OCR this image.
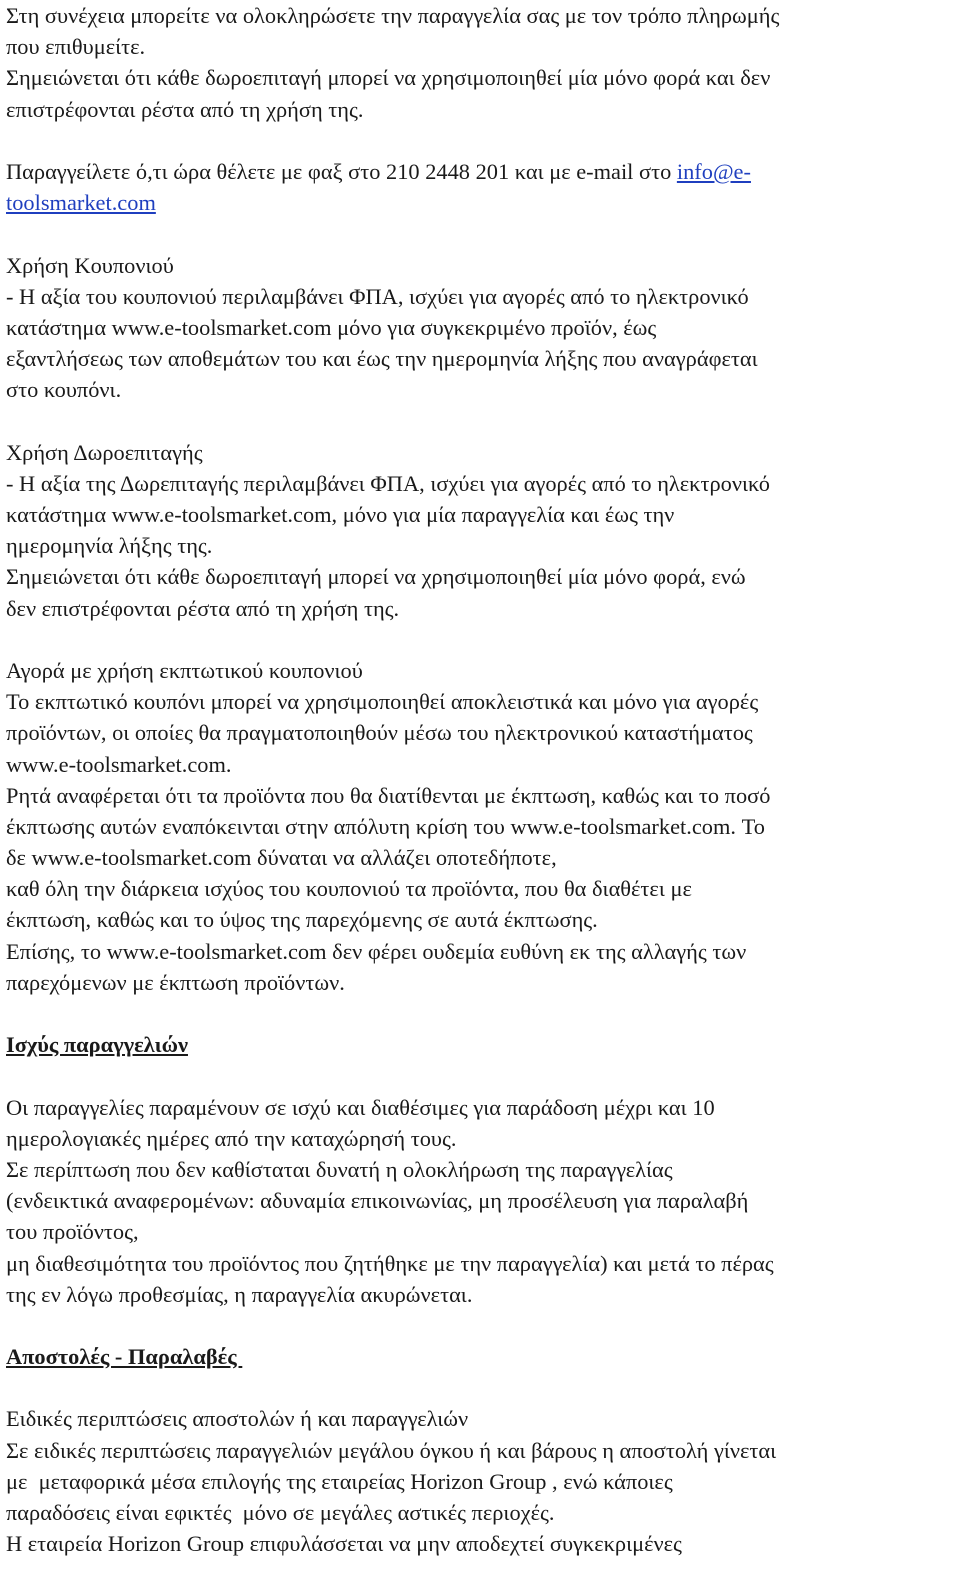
Στη συνέχεια μπορείτε να ολοκληρώσετε την παραγγελία σας με τον τρόπο πληρωμής
που επιθυμείτε.
Σημειώνεται ότι κάθε δωροεπιταγή μπορεί να χρησιμοποιηθεί μία μόνο φορά και δεν
επιστρέφονται ρέστα από τη χρήση της.
Παραγγείλετε ό,τι ώρα θέλετε με φαξ στο 210 2448 201 και με e-mail στο info@e-
toolsmarket.com
Χρήση Κουπονιού
- Η αξία του κουπονιού περιλαμβάνει ΦΠΑ, ισχύει για αγορές από το ηλεκτρονικό
κατάστημα www.e-toolsmarket.com μόνο για συγκεκριμένο προϊόν, έως
εξαντλήσεως των αποθεμάτων του και έως την ημερομηνία λήξης που αναγράφεται
στο κουπόνι.
Χρήση Δωροεπιταγής
- Η αξία της Δωρεπιταγής περιλαμβάνει ΦΠΑ, ισχύει για αγορές από το ηλεκτρονικό
κατάστημα www.e-toolsmarket.com, μόνο για μία παραγγελία και έως την
ημερομηνία λήξης της.
Σημειώνεται ότι κάθε δωροεπιταγή μπορεί να χρησιμοποιηθεί μία μόνο φορά, ενώ
δεν επιστρέφονται ρέστα από τη χρήση της.
Αγορά με χρήση εκπτωτικού κουπονιού
Το εκπτωτικό κουπόνι μπορεί να χρησιμοποιηθεί αποκλειστικά και μόνο για αγορές
προϊόντων, οι οποίες θα πραγματοποιηθούν μέσω του ηλεκτρονικού καταστήματος
www.e-toolsmarket.com.
Ρητά αναφέρεται ότι τα προϊόντα που θα διατίθενται με έκπτωση, καθώς και το ποσό
έκπτωσης αυτών εναπόκεινται στην απόλυτη κρίση του www.e-toolsmarket.com. Το
δε www.e-toolsmarket.com δύναται να αλλάζει οποτεδήποτε,
καθ όλη την διάρκεια ισχύος του κουπονιού τα προϊόντα, που θα διαθέτει με
έκπτωση, καθώς και το ύψος της παρεχόμενης σε αυτά έκπτωσης.
Επίσης, το www.e-toolsmarket.com δεν φέρει ουδεμία ευθύνη εκ της αλλαγής των
παρεχόμενων με έκπτωση προϊόντων.
Ισχύς παραγγελιών
Οι παραγγελίες παραμένουν σε ισχύ και διαθέσιμες για παράδοση μέχρι και 10
ημερολογιακές ημέρες από την καταχώρησή τους.
Σε περίπτωση που δεν καθίσταται δυνατή η ολοκλήρωση της παραγγελίας
(ενδεικτικά αναφερομένων: αδυναμία επικοινωνίας, μη προσέλευση για παραλαβή
του προϊόντος,
μη διαθεσιμότητα του προϊόντος που ζητήθηκε με την παραγγελία) και μετά το πέρας
της εν λόγω προθεσμίας, η παραγγελία ακυρώνεται.
Αποστολές - Παραλαβές
Ειδικές περιπτώσεις αποστολών ή και παραγγελιών
Σε ειδικές περιπτώσεις παραγγελιών μεγάλου όγκου ή και βάρους η αποστολή γίνεται
με  μεταφορικά μέσα επιλογής της εταιρείας Horizon Group , ενώ κάποιες
παραδόσεις είναι εφικτές  μόνο σε μεγάλες αστικές περιοχές.
Η εταιρεία Horizon Group επιφυλάσσεται να μην αποδεχτεί συγκεκριμένες
